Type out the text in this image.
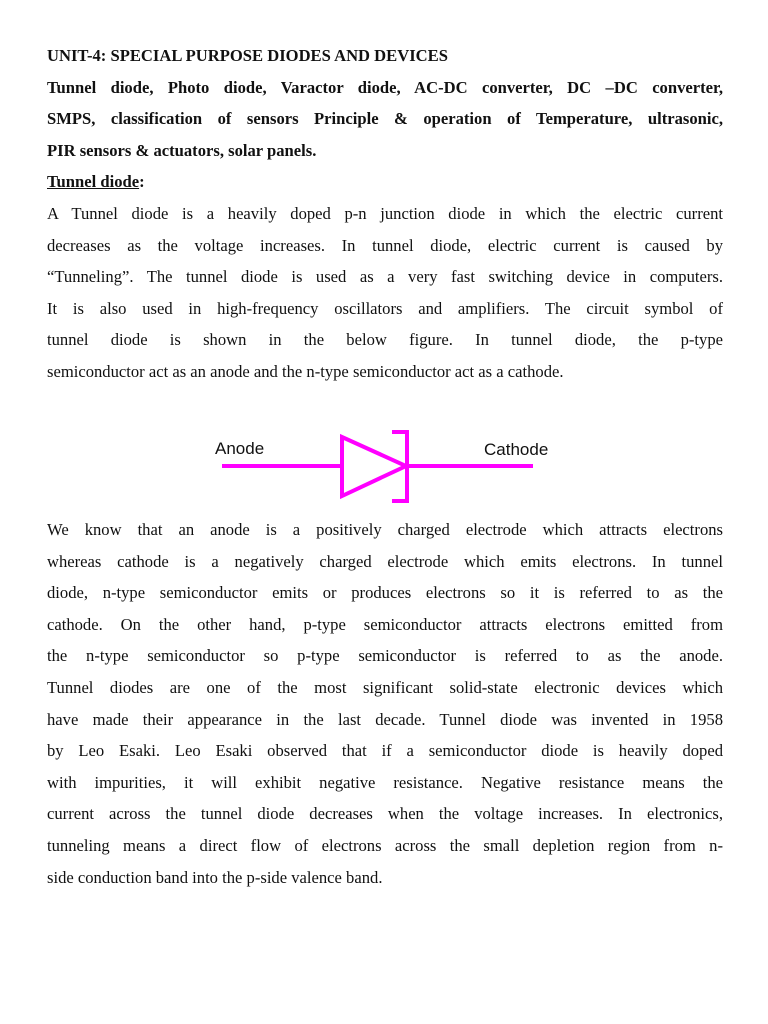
UNIT-4: SPECIAL PURPOSE DIODES AND DEVICES
Tunnel diode, Photo diode, Varactor diode, AC-DC converter, DC –DC converter,
SMPS, classification of sensors Principle & operation of Temperature, ultrasonic,
PIR sensors & actuators, solar panels.
Tunnel diode:
A Tunnel diode is a heavily doped p-n junction diode in which the electric current
decreases as the voltage increases. In tunnel diode, electric current is caused by
“Tunneling”. The tunnel diode is used as a very fast switching device in computers.
It is also used in high-frequency oscillators and amplifiers. The circuit symbol of
tunnel diode is shown in the below figure. In tunnel diode, the p-type
semiconductor act as an anode and the n-type semiconductor act as a cathode.
Anode	Cathode
We know that an anode is a positively charged electrode which attracts electrons
whereas cathode is a negatively charged electrode which emits electrons. In tunnel
diode, n-type semiconductor emits or produces electrons so it is referred to as the
cathode. On the other hand, p-type semiconductor attracts electrons emitted from
the n-type semiconductor so p-type semiconductor is referred to as the anode.
Tunnel diodes are one of the most significant solid-state electronic devices which
have made their appearance in the last decade. Tunnel diode was invented in 1958
by Leo Esaki. Leo Esaki observed that if a semiconductor diode is heavily doped
with impurities, it will exhibit negative resistance. Negative resistance means the
current across the tunnel diode decreases when the voltage increases. In electronics,
tunneling means a direct flow of electrons across the small depletion region from n-
side conduction band into the p-side valence band.
